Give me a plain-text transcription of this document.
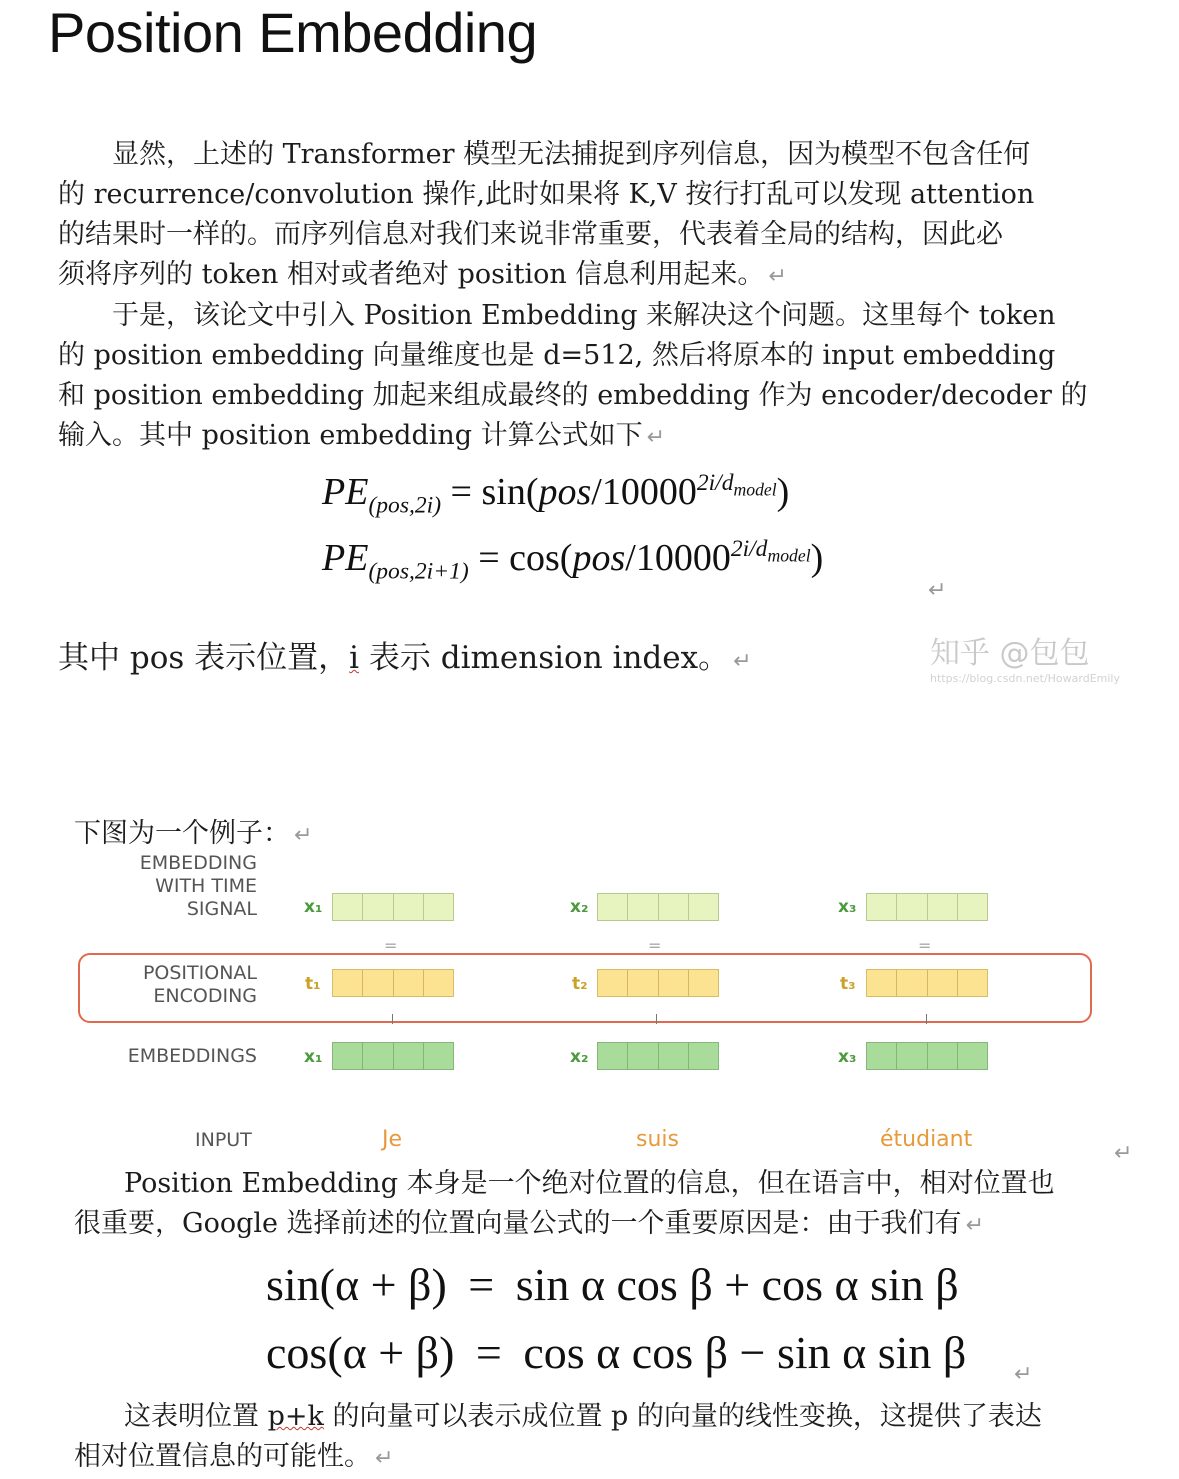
Position Embedding
显然，上述的 Transformer 模型无法捕捉到序列信息，因为模型不包含任何
的 recurrence/convolution 操作,此时如果将 K,V 按行打乱可以发现 attention
的结果时一样的。而序列信息对我们来说非常重要，代表着全局的结构，因此必
须将序列的 token 相对或者绝对 position 信息利用起来。 ↵
于是，该论文中引入 Position Embedding 来解决这个问题。这里每个 token
的 position embedding 向量维度也是 d=512, 然后将原本的 input embedding
和 position embedding 加起来组成最终的 embedding 作为 encoder/decoder 的
输入。其中 position embedding 计算公式如下 ↵
$PE_{(pos,2i)} = \sin(pos/10000^{2i/d_{model}})$
$PE_{(pos,2i+1)} = \cos(pos/10000^{2i/d_{model}})$
↵
其中 pos 表示位置，i 表示 dimension index。 ↵	知乎 @包包
https://blog.csdn.net/HowardEmily
下图为一个例子： ↵
EMBEDDING
WITH TIME
SIGNAL
POSITIONAL
ENCODING
EMBEDDINGS
INPUT
x₁
=
t₁
x₁
Je
x₂
=
t₂
x₂
suis
x₃
=
t₃
x₃
étudiant
↵
Position Embedding 本身是一个绝对位置的信息，但在语言中，相对位置也
很重要，Google 选择前述的位置向量公式的一个重要原因是：由于我们有 ↵
sin(α + β) = sin α cos β + cos α sin β
cos(α + β) = cos α cos β − sin α sin β ↵
这表明位置 p+k 的向量可以表示成位置 p 的向量的线性变换，这提供了表达
相对位置信息的可能性。 ↵
